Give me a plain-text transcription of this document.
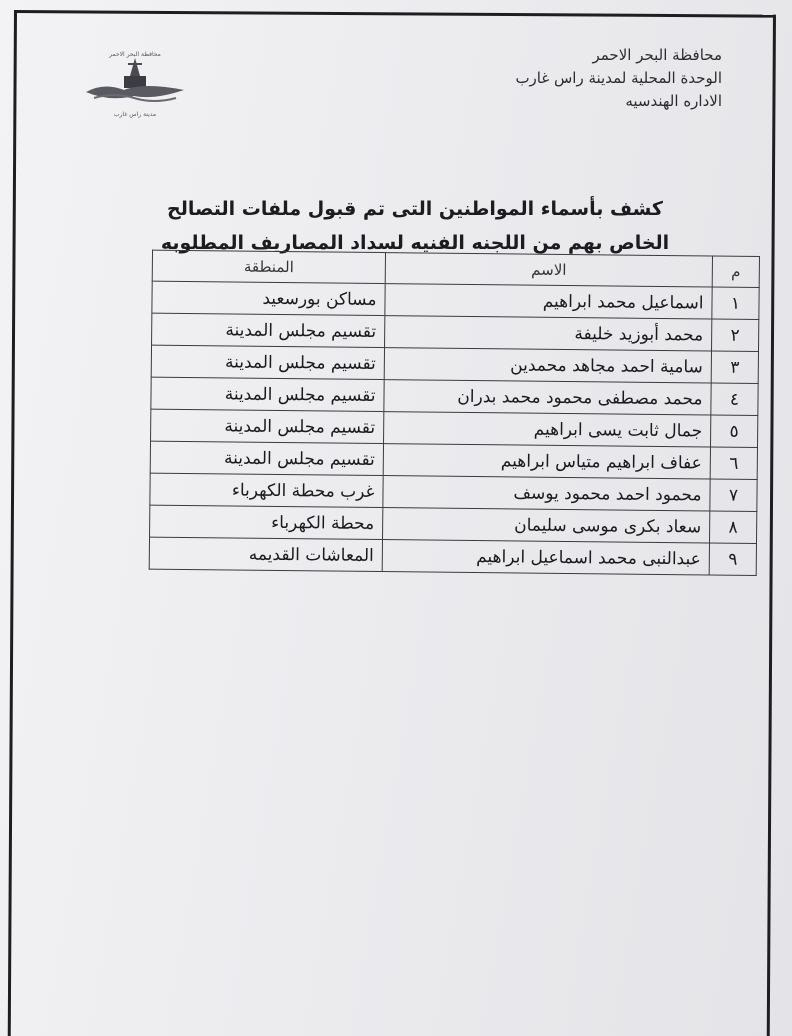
محافظة البحر الاحمر
مدينة راس غارب
محافظة البحر الاحمر
الوحدة المحلية لمدينة راس غارب
الاداره الهندسيه
كشف بأسماء المواطنين التى تم قبول ملفات التصالح
الخاص بهم من اللجنه الفنيه لسداد المصاريف المطلوبه
م	الاسم	المنطقة
١	اسماعيل محمد ابراهيم	مساكن بورسعيد
٢	محمد أبوزيد خليفة	تقسيم مجلس المدينة
٣	سامية احمد مجاهد محمدين	تقسيم مجلس المدينة
٤	محمد مصطفى محمود محمد بدران	تقسيم مجلس المدينة
٥	جمال ثابت يسى ابراهيم	تقسيم مجلس المدينة
٦	عفاف ابراهيم متياس ابراهيم	تقسيم مجلس المدينة
٧	محمود احمد محمود يوسف	غرب محطة الكهرباء
٨	سعاد بكرى موسى سليمان	محطة الكهرباء
٩	عبدالنبى محمد اسماعيل ابراهيم	المعاشات القديمه
